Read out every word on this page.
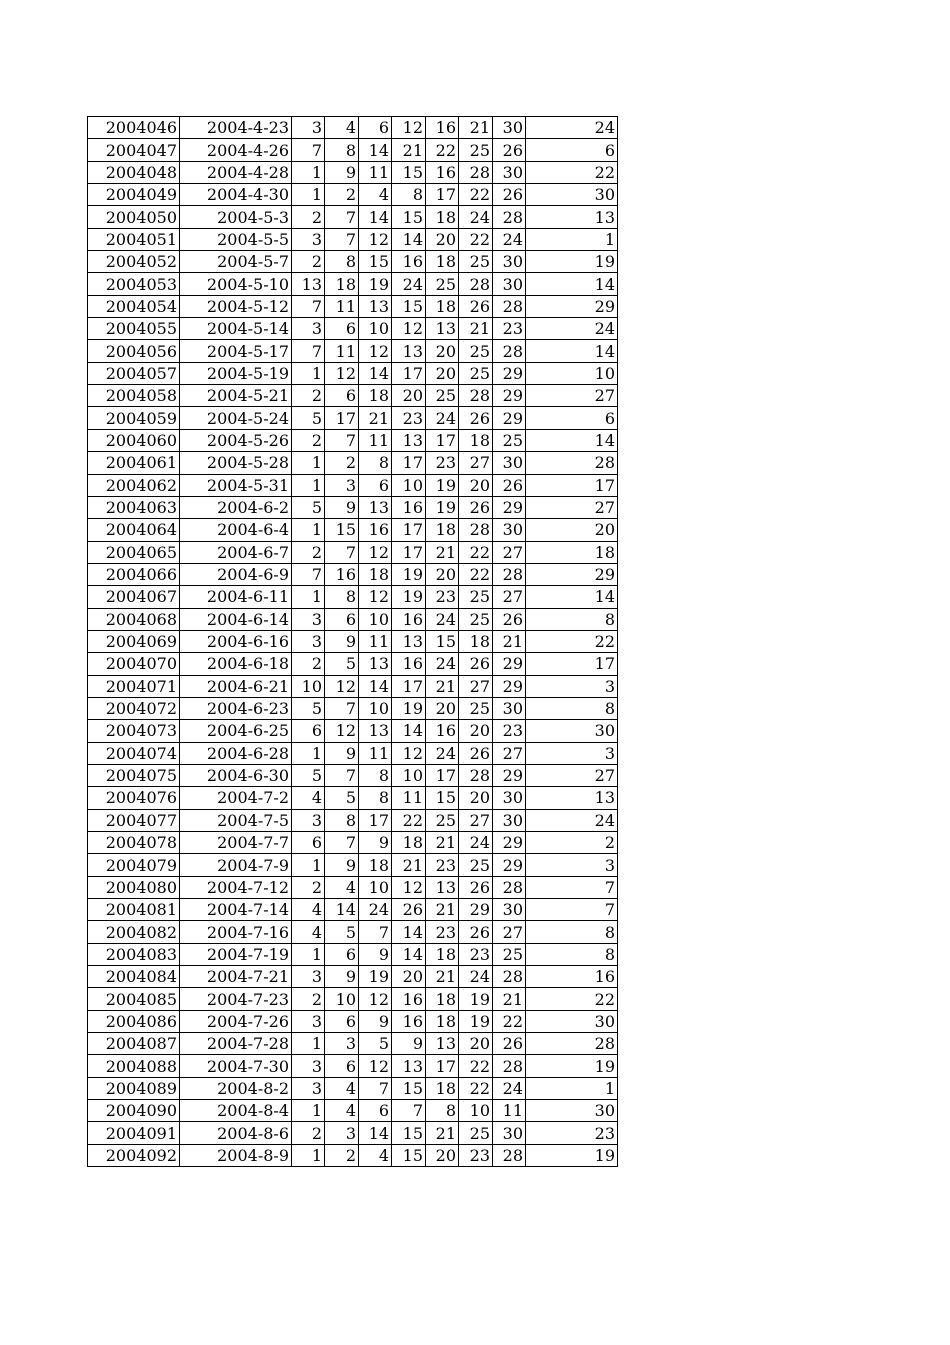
2004046	2004-4-23	3	4	6	12	16	21	30	24
2004047	2004-4-26	7	8	14	21	22	25	26	6
2004048	2004-4-28	1	9	11	15	16	28	30	22
2004049	2004-4-30	1	2	4	8	17	22	26	30
2004050	2004-5-3	2	7	14	15	18	24	28	13
2004051	2004-5-5	3	7	12	14	20	22	24	1
2004052	2004-5-7	2	8	15	16	18	25	30	19
2004053	2004-5-10	13	18	19	24	25	28	30	14
2004054	2004-5-12	7	11	13	15	18	26	28	29
2004055	2004-5-14	3	6	10	12	13	21	23	24
2004056	2004-5-17	7	11	12	13	20	25	28	14
2004057	2004-5-19	1	12	14	17	20	25	29	10
2004058	2004-5-21	2	6	18	20	25	28	29	27
2004059	2004-5-24	5	17	21	23	24	26	29	6
2004060	2004-5-26	2	7	11	13	17	18	25	14
2004061	2004-5-28	1	2	8	17	23	27	30	28
2004062	2004-5-31	1	3	6	10	19	20	26	17
2004063	2004-6-2	5	9	13	16	19	26	29	27
2004064	2004-6-4	1	15	16	17	18	28	30	20
2004065	2004-6-7	2	7	12	17	21	22	27	18
2004066	2004-6-9	7	16	18	19	20	22	28	29
2004067	2004-6-11	1	8	12	19	23	25	27	14
2004068	2004-6-14	3	6	10	16	24	25	26	8
2004069	2004-6-16	3	9	11	13	15	18	21	22
2004070	2004-6-18	2	5	13	16	24	26	29	17
2004071	2004-6-21	10	12	14	17	21	27	29	3
2004072	2004-6-23	5	7	10	19	20	25	30	8
2004073	2004-6-25	6	12	13	14	16	20	23	30
2004074	2004-6-28	1	9	11	12	24	26	27	3
2004075	2004-6-30	5	7	8	10	17	28	29	27
2004076	2004-7-2	4	5	8	11	15	20	30	13
2004077	2004-7-5	3	8	17	22	25	27	30	24
2004078	2004-7-7	6	7	9	18	21	24	29	2
2004079	2004-7-9	1	9	18	21	23	25	29	3
2004080	2004-7-12	2	4	10	12	13	26	28	7
2004081	2004-7-14	4	14	24	26	21	29	30	7
2004082	2004-7-16	4	5	7	14	23	26	27	8
2004083	2004-7-19	1	6	9	14	18	23	25	8
2004084	2004-7-21	3	9	19	20	21	24	28	16
2004085	2004-7-23	2	10	12	16	18	19	21	22
2004086	2004-7-26	3	6	9	16	18	19	22	30
2004087	2004-7-28	1	3	5	9	13	20	26	28
2004088	2004-7-30	3	6	12	13	17	22	28	19
2004089	2004-8-2	3	4	7	15	18	22	24	1
2004090	2004-8-4	1	4	6	7	8	10	11	30
2004091	2004-8-6	2	3	14	15	21	25	30	23
2004092	2004-8-9	1	2	4	15	20	23	28	19
